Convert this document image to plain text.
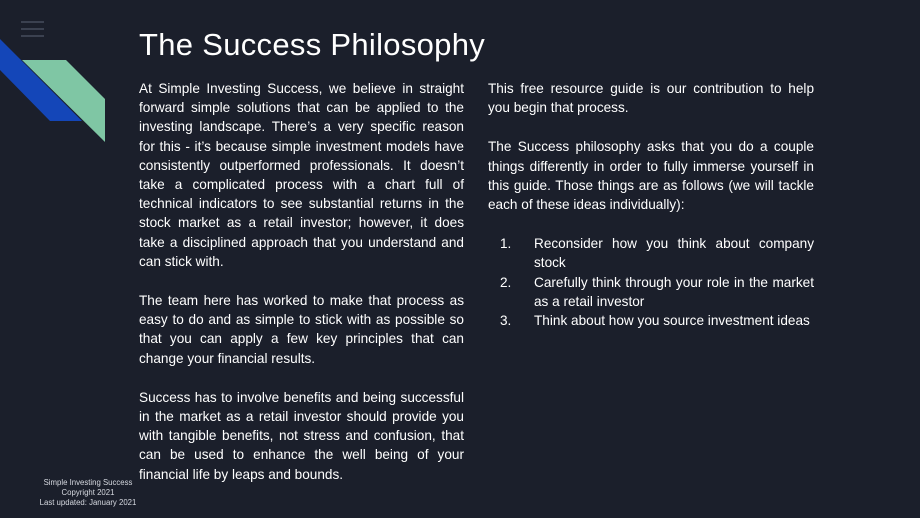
The Success Philosophy

At Simple Investing Success, we believe in straight forward simple solutions that can be applied to the investing landscape. There’s a very specific reason for this - it’s because simple investment models have consistently outperformed professionals. It doesn’t take a complicated process with a chart full of technical indicators to see substantial returns in the stock market as a retail investor; however, it does take a disciplined approach that you understand and can stick with.

The team here has worked to make that process as easy to do and as simple to stick with as possible so that you can apply a few key principles that can change your financial results.

Success has to involve benefits and being successful in the market as a retail investor should provide you with tangible benefits, not stress and confusion, that can be used to enhance the well being of your financial life by leaps and bounds.

This free resource guide is our contribution to help you begin that process.

The Success philosophy asks that you do a couple things differently in order to fully immerse yourself in this guide. Those things are as follows (we will tackle each of these ideas individually):

1. Reconsider how you think about company stock
2. Carefully think through your role in the market as a retail investor
3. Think about how you source investment ideas
Simple Investing Success
Copyright 2021
Last updated: January 2021
